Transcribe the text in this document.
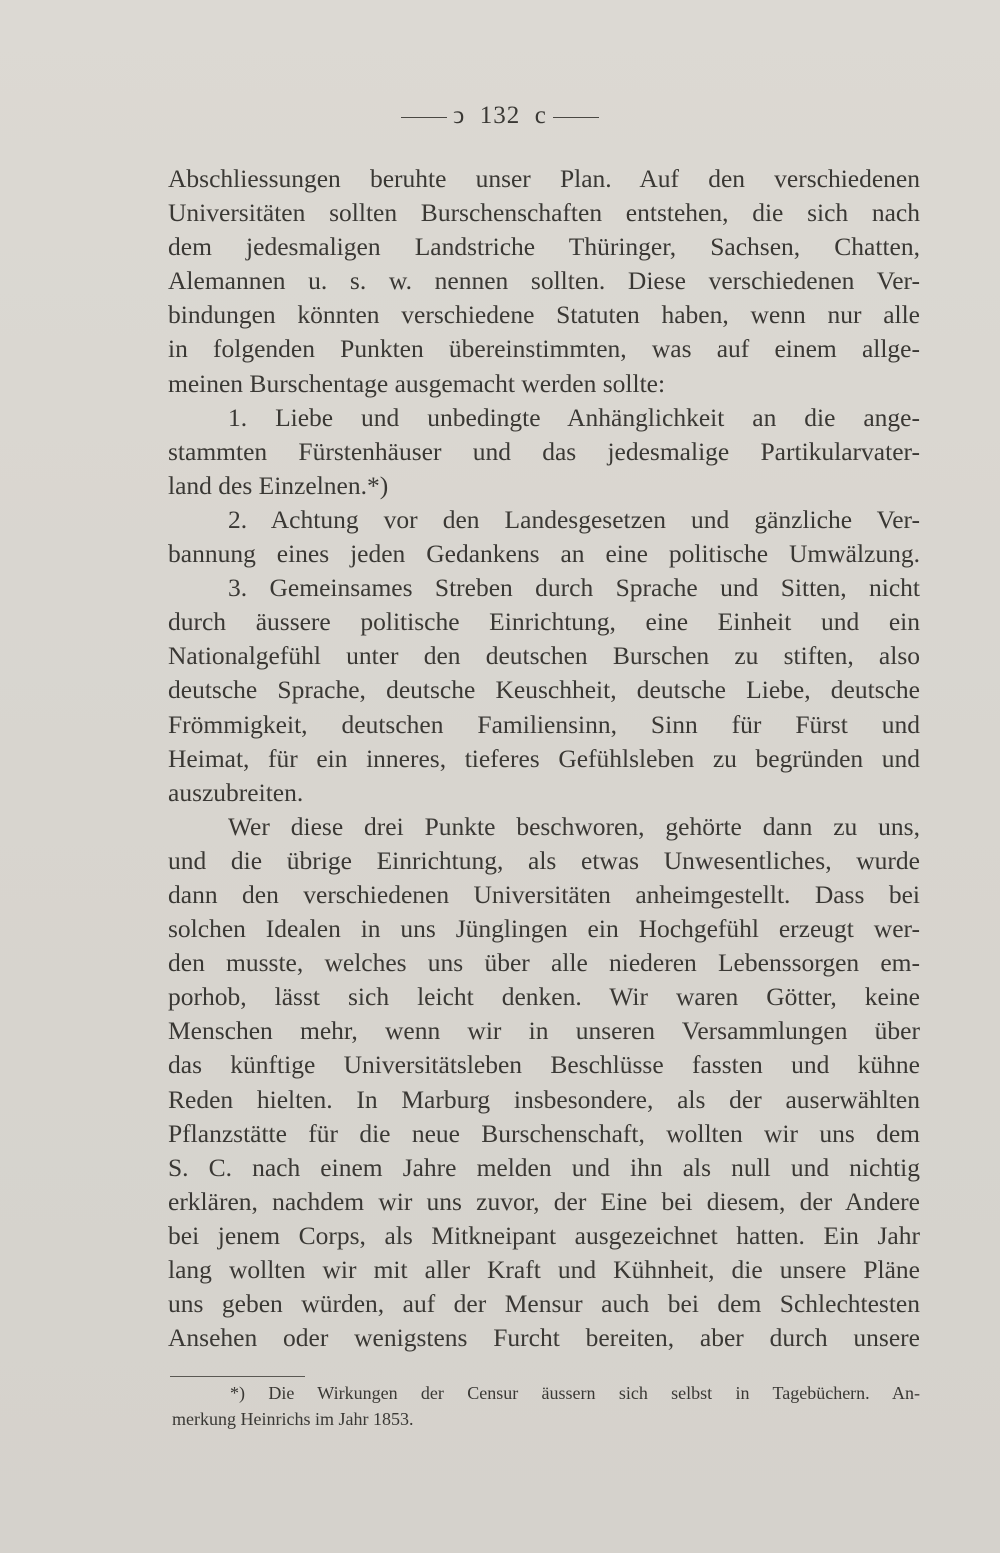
ↄ 132 c
Abschliessungen beruhte unser Plan. Auf den verschiedenen
Universitäten sollten Burschenschaften entstehen, die sich nach
dem jedesmaligen Landstriche Thüringer, Sachsen, Chatten,
Alemannen u. s. w. nennen sollten. Diese verschiedenen Ver-
bindungen könnten verschiedene Statuten haben, wenn nur alle
in folgenden Punkten übereinstimmten, was auf einem allge-
meinen Burschentage ausgemacht werden sollte:
1. Liebe und unbedingte Anhänglichkeit an die ange-
stammten Fürstenhäuser und das jedesmalige Partikularvater-
land des Einzelnen.*)
2. Achtung vor den Landesgesetzen und gänzliche Ver-
bannung eines jeden Gedankens an eine politische Umwälzung.
3. Gemeinsames Streben durch Sprache und Sitten, nicht
durch äussere politische Einrichtung, eine Einheit und ein
Nationalgefühl unter den deutschen Burschen zu stiften, also
deutsche Sprache, deutsche Keuschheit, deutsche Liebe, deutsche
Frömmigkeit, deutschen Familiensinn, Sinn für Fürst und
Heimat, für ein inneres, tieferes Gefühlsleben zu begründen und
auszubreiten.
Wer diese drei Punkte beschworen, gehörte dann zu uns,
und die übrige Einrichtung, als etwas Unwesentliches, wurde
dann den verschiedenen Universitäten anheimgestellt. Dass bei
solchen Idealen in uns Jünglingen ein Hochgefühl erzeugt wer-
den musste, welches uns über alle niederen Lebenssorgen em-
porhob, lässt sich leicht denken. Wir waren Götter, keine
Menschen mehr, wenn wir in unseren Versammlungen über
das künftige Universitätsleben Beschlüsse fassten und kühne
Reden hielten. In Marburg insbesondere, als der auserwählten
Pflanzstätte für die neue Burschenschaft, wollten wir uns dem
S. C. nach einem Jahre melden und ihn als null und nichtig
erklären, nachdem wir uns zuvor, der Eine bei diesem, der Andere
bei jenem Corps, als Mitkneipant ausgezeichnet hatten. Ein Jahr
lang wollten wir mit aller Kraft und Kühnheit, die unsere Pläne
uns geben würden, auf der Mensur auch bei dem Schlechtesten
Ansehen oder wenigstens Furcht bereiten, aber durch unsere
*) Die Wirkungen der Censur äussern sich selbst in Tagebüchern. An-
merkung Heinrichs im Jahr 1853.
